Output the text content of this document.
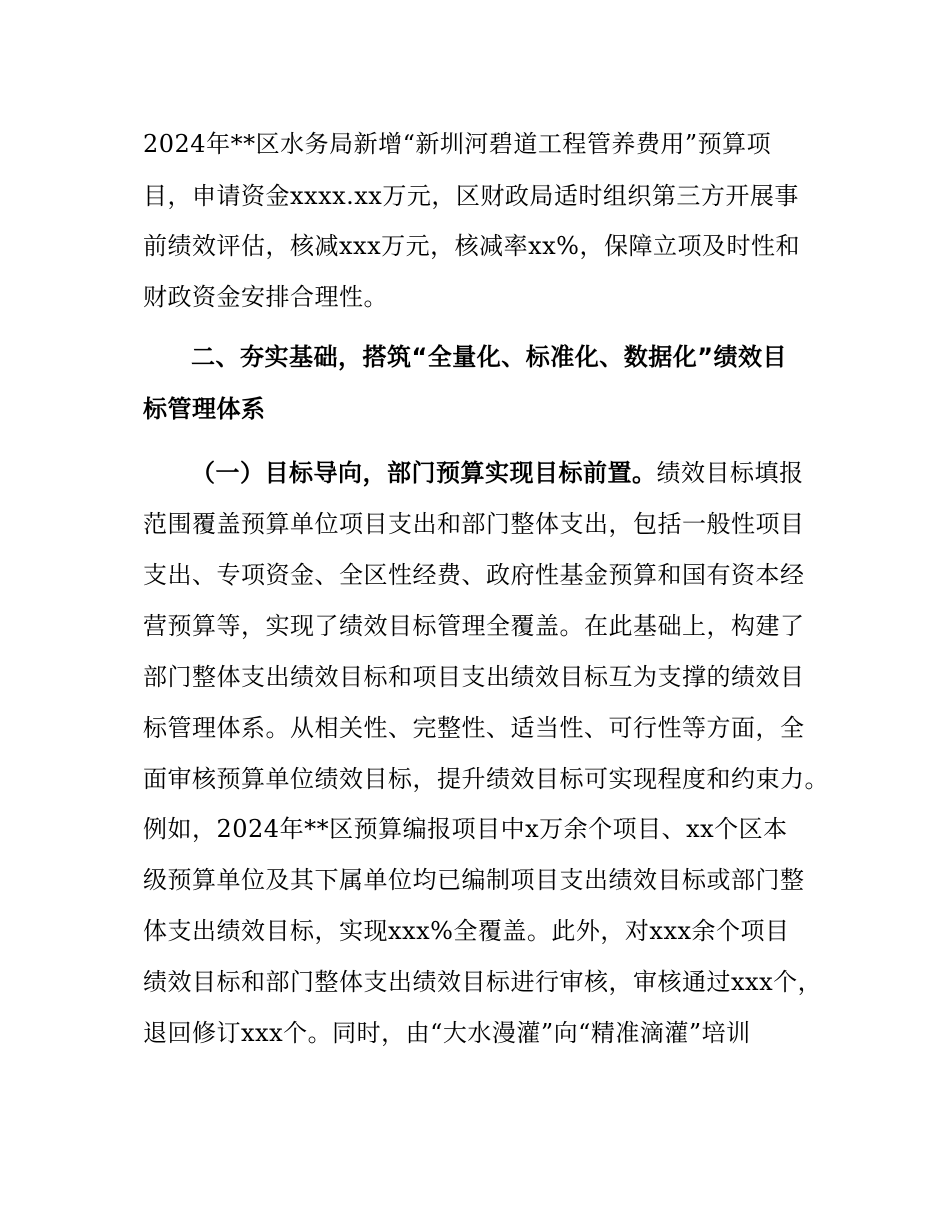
2024年**区水务局新增“新圳河碧道工程管养费用”预算项
目，申请资金xxxx.xx万元，区财政局适时组织第三方开展事
前绩效评估，核减xxx万元，核减率xx%，保障立项及时性和
财政资金安排合理性。
二、夯实基础，搭筑“全量化、标准化、数据化”绩效目
标管理体系
（一）目标导向，部门预算实现目标前置。绩效目标填报
范围覆盖预算单位项目支出和部门整体支出，包括一般性项目
支出、专项资金、全区性经费、政府性基金预算和国有资本经
营预算等，实现了绩效目标管理全覆盖。在此基础上，构建了
部门整体支出绩效目标和项目支出绩效目标互为支撑的绩效目
标管理体系。从相关性、完整性、适当性、可行性等方面，全
面审核预算单位绩效目标，提升绩效目标可实现程度和约束力。
例如，2024年**区预算编报项目中x万余个项目、xx个区本
级预算单位及其下属单位均已编制项目支出绩效目标或部门整
体支出绩效目标，实现xxx%全覆盖。此外，对xxx余个项目
绩效目标和部门整体支出绩效目标进行审核，审核通过xxx个，
退回修订xxx个。同时，由“大水漫灌”向“精准滴灌”培训
